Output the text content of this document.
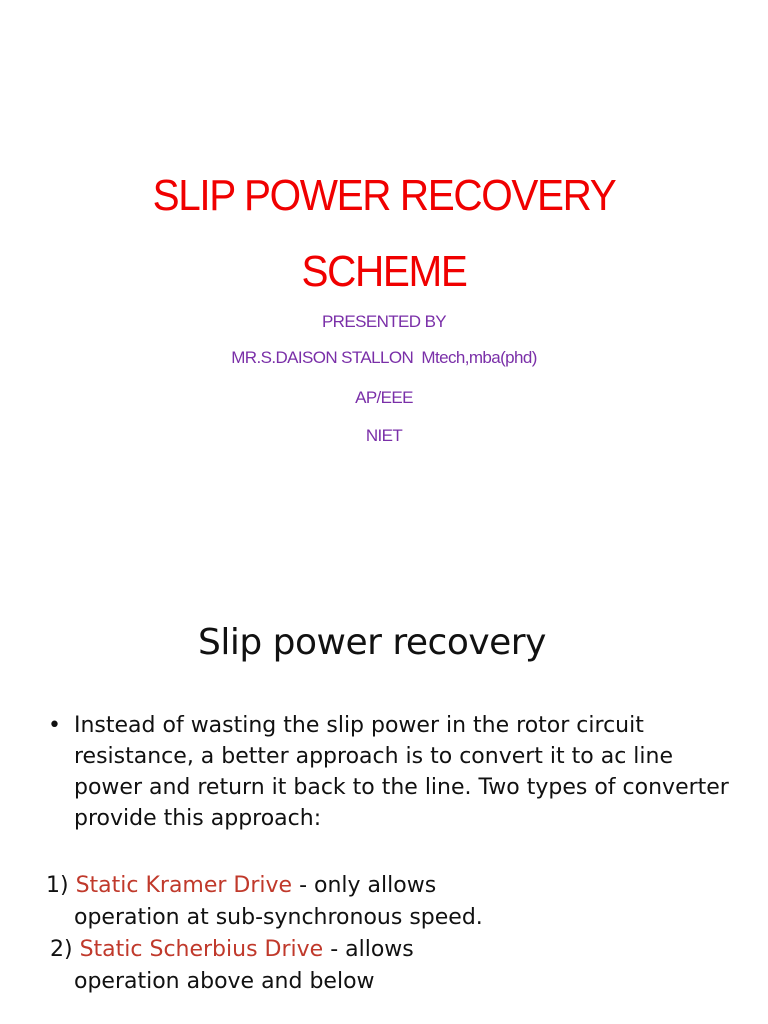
SLIP POWER RECOVERY
SCHEME
PRESENTED BY
MR.S.DAISON STALLON  Mtech,mba(phd)
AP/EEE
NIET
Slip power recovery
• Instead of wasting the slip power in the rotor circuit resistance, a better approach is to convert it to ac line power and return it back to the line. Two types of converter provide this approach:
1) Static Kramer Drive - only allows
operation at sub-synchronous speed.
2) Static Scherbius Drive - allows
operation above and below
